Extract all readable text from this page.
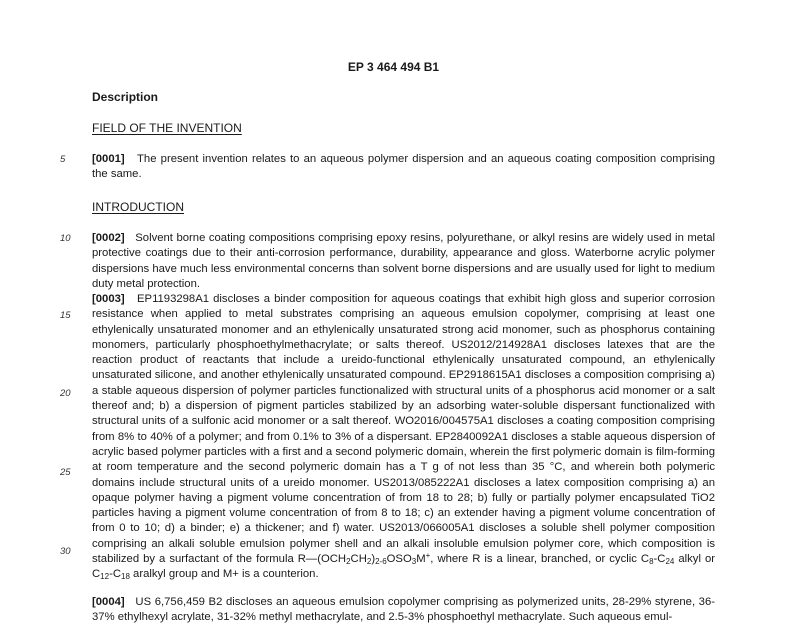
EP 3 464 494 B1
Description
FIELD OF THE INVENTION
5	[0001] The present invention relates to an aqueous polymer dispersion and an aqueous coating composition comprising the same.
INTRODUCTION
10
15
20
25
30
[0002] Solvent borne coating compositions comprising epoxy resins, polyurethane, or alkyl resins are widely used in metal protective coatings due to their anti-corrosion performance, durability, appearance and gloss. Waterborne acrylic polymer dispersions have much less environmental concerns than solvent borne dispersions and are usually used for light to medium duty metal protection.
[0003] EP1193298A1 discloses a binder composition for aqueous coatings that exhibit high gloss and superior corrosion resistance when applied to metal substrates comprising an aqueous emulsion copolymer, comprising at least one ethylenically unsaturated monomer and an ethylenically unsaturated strong acid monomer, such as phosphorus containing monomers, particularly phosphoethylmethacrylate; or salts thereof. US2012/214928A1 discloses latexes that are the reaction product of reactants that include a ureido-functional ethylenically unsaturated compound, an ethylenically unsaturated silicone, and another ethylenically unsaturated compound. EP2918615A1 discloses a composition comprising a) a stable aqueous dispersion of polymer particles functionalized with structural units of a phosphorus acid monomer or a salt thereof and; b) a dispersion of pigment particles stabilized by an adsorbing water-soluble dispersant functionalized with structural units of a sulfonic acid monomer or a salt thereof. WO2016/004575A1 discloses a coating composition comprising from 8% to 40% of a polymer; and from 0.1% to 3% of a dispersant. EP2840092A1 discloses a stable aqueous dispersion of acrylic based polymer particles with a first and a second polymeric domain, wherein the first polymeric domain is film-forming at room temperature and the second polymeric domain has a T g of not less than 35 °C, and wherein both polymeric domains include structural units of a ureido monomer. US2013/085222A1 discloses a latex composition comprising a) an opaque polymer having a pigment volume concentration of from 18 to 28; b) fully or partially polymer encapsulated TiO2 particles having a pigment volume concentration of from 8 to 18; c) an extender having a pigment volume concentration of from 0 to 10; d) a binder; e) a thickener; and f) water. US2013/066005A1 discloses a soluble shell polymer composition comprising an alkali soluble emulsion polymer shell and an alkali insoluble emulsion polymer core, which composition is stabilized by a surfactant of the formula $R—(OCH_2CH_2)_{2-6}OSO_3M^+$, where R is a linear, branched, or cyclic $C_8-C_{24}$ alkyl or $C_{12}-C_{18}$ aralkyl group and M+ is a counterion.
[0004] US 6,756,459 B2 discloses an aqueous emulsion copolymer comprising as polymerized units, 28-29% styrene, 36-37% ethylhexyl acrylate, 31-32% methyl methacrylate, and 2.5-3% phosphoethyl methacrylate. Such aqueous emul-
